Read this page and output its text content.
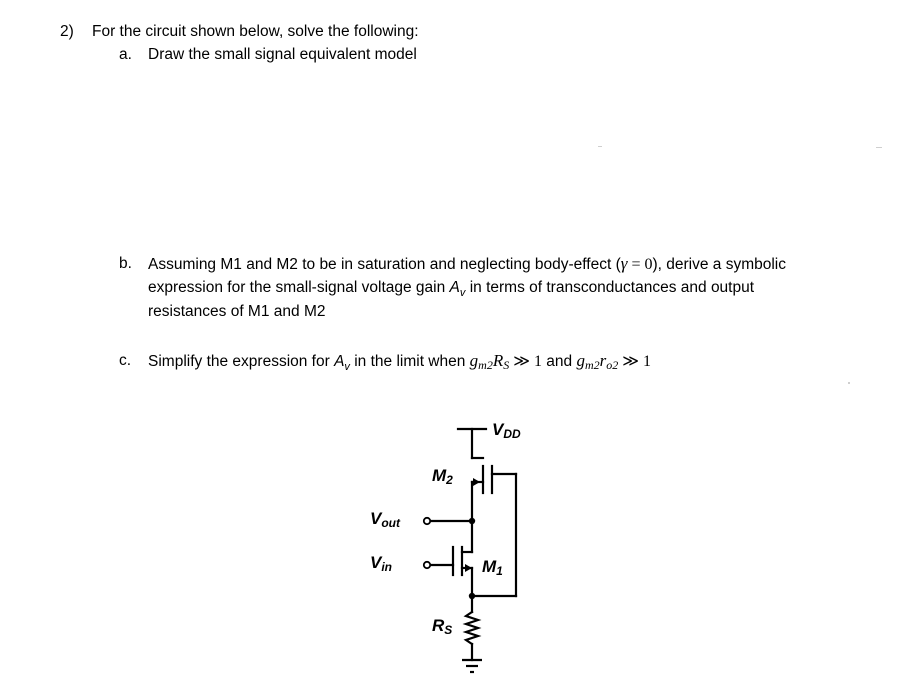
2) For the circuit shown below, solve the following:
a. Draw the small signal equivalent model
b. Assuming M1 and M2 to be in saturation and neglecting body-effect (γ = 0), derive a symbolic
expression for the small-signal voltage gain $A_v$ in terms of transconductances and output
resistances of M1 and M2
c. Simplify the expression for $A_v$ in the limit when $g_{m2}R_S$ ≫ 1 and $g_{m2}r_{o2}$ ≫ 1
$V_{DD}$
$M_2$
$V_{out}$
$V_{in}$	$M_1$
$R_S$
